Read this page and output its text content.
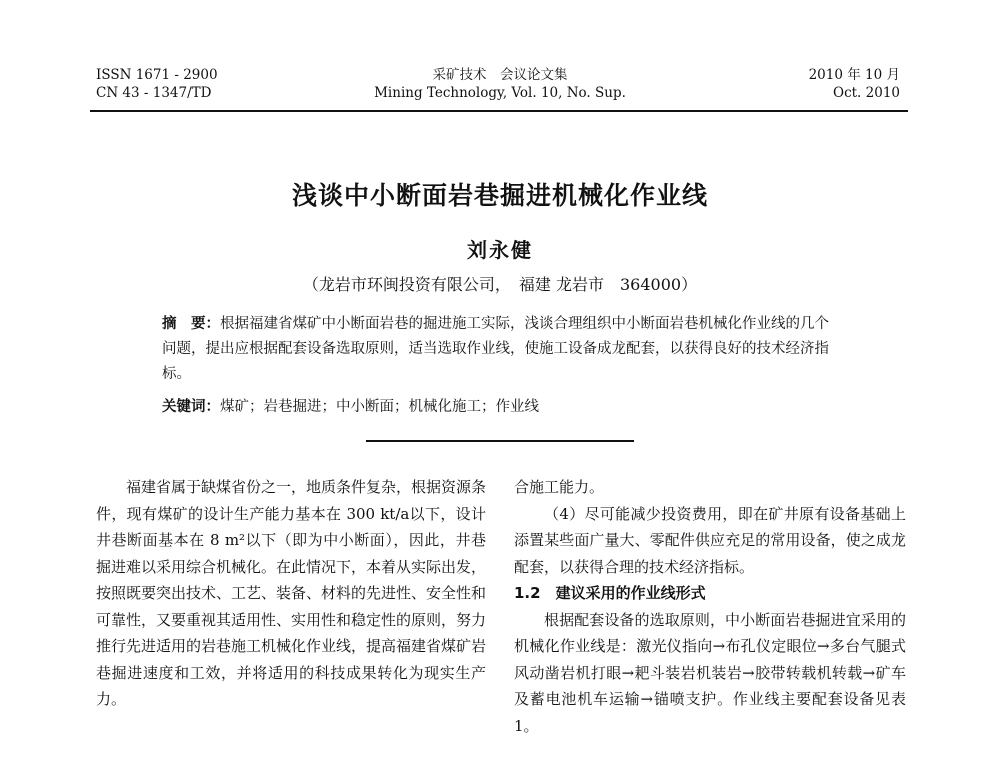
ISSN 1671 - 2900
CN 43 - 1347/TD
采矿技术　会议论文集
Mining Technology, Vol. 10, No. Sup.
2010 年 10 月
Oct. 2010
浅谈中小断面岩巷掘进机械化作业线
刘永健
（龙岩市环闽投资有限公司，　福建 龙岩市　364000）
摘　要：根据福建省煤矿中小断面岩巷的掘进施工实际，浅谈合理组织中小断面岩巷机械化作业线的几个问题，提出应根据配套设备选取原则，适当选取作业线，使施工设备成龙配套，以获得良好的技术经济指标。
关键词：煤矿；岩巷掘进；中小断面；机械化施工；作业线

福建省属于缺煤省份之一，地质条件复杂，根据资源条件，现有煤矿的设计生产能力基本在 300 kt/a以下，设计井巷断面基本在 8 m²以下（即为中小断面），因此，井巷掘进难以采用综合机械化。在此情况下，本着从实际出发，按照既要突出技术、工艺、装备、材料的先进性、安全性和可靠性，又要重视其适用性、实用性和稳定性的原则，努力推行先进适用的岩巷施工机械化作业线，提高福建省煤矿岩巷掘进速度和工效，并将适用的科技成果转化为现实生产力。

合施工能力。

（4）尽可能减少投资费用，即在矿井原有设备基础上添置某些面广量大、零配件供应充足的常用设备，使之成龙配套，以获得合理的技术经济指标。

1.2　建议采用的作业线形式

根据配套设备的选取原则，中小断面岩巷掘进宜采用的机械化作业线是：激光仪指向→布孔仪定眼位→多台气腿式风动凿岩机打眼→耙斗装岩机装岩→胶带转载机转载→矿车及蓄电池机车运输→锚喷支护。作业线主要配套设备见表 1。
